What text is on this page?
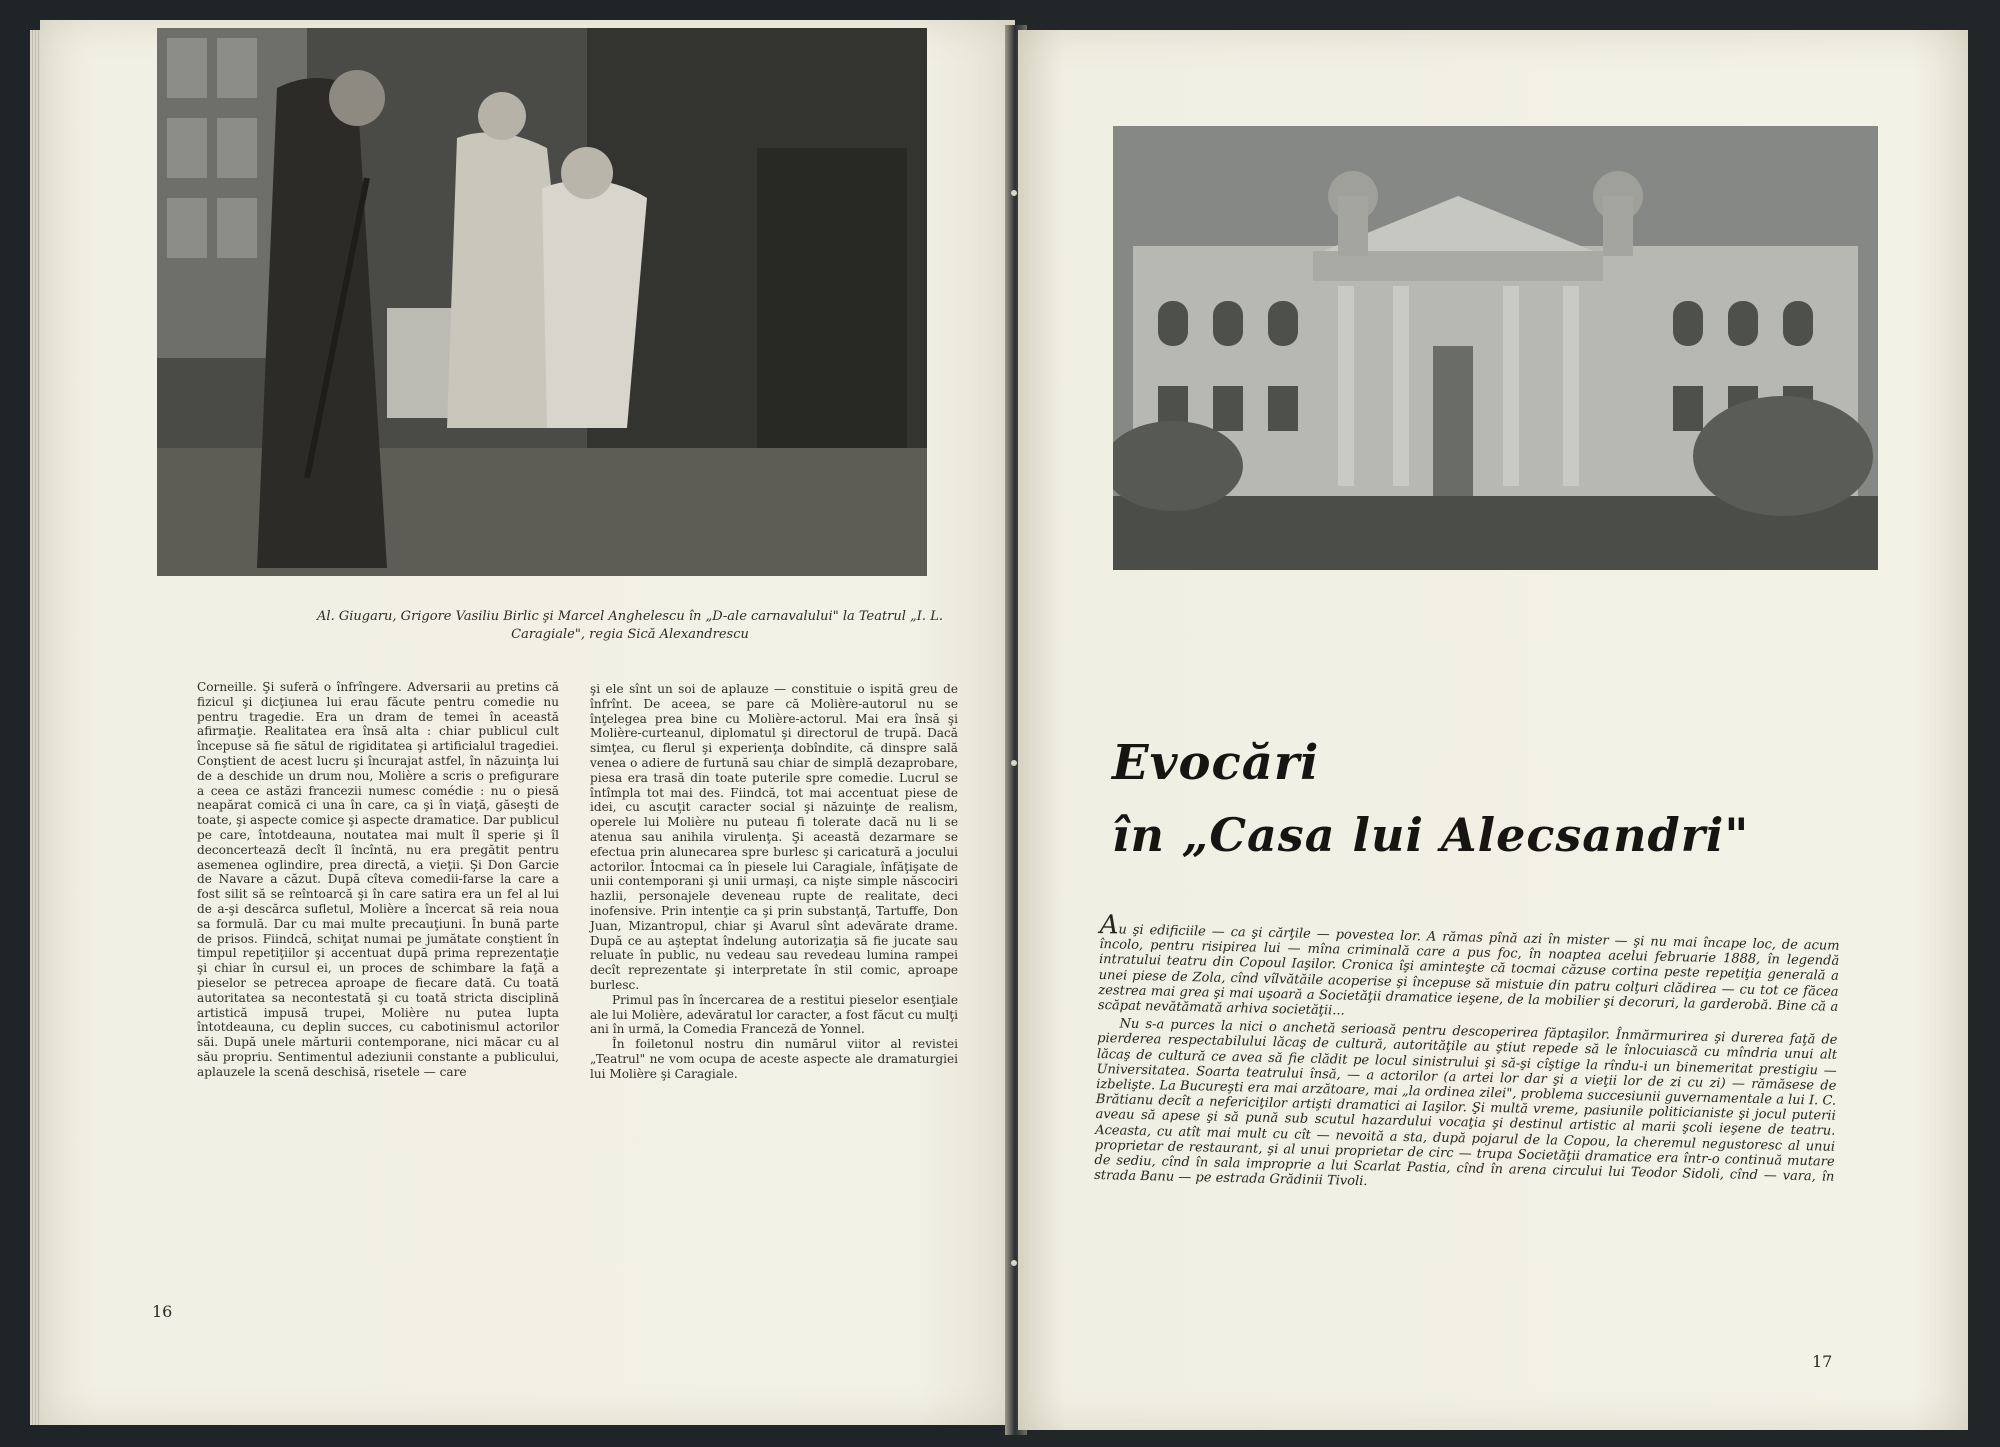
Al. Giugaru, Grigore Vasiliu Birlic şi Marcel Anghelescu în „D-ale carnavalului" la Teatrul „I. L. Caragiale", regia Sică Alexandrescu
Corneille. Şi suferă o înfrîngere. Adversarii au pretins că fizicul şi dicţiunea lui erau făcute pentru comedie nu pentru tragedie. Era un dram de temei în această afirmaţie. Realitatea era însă alta : chiar publicul cult începuse să fie sătul de rigiditatea şi artificialul tragediei. Conştient de acest lucru şi încurajat astfel, în năzuinţa lui de a deschide un drum nou, Molière a scris o prefigurare a ceea ce astăzi francezii numesc comédie : nu o piesă neapărat comică ci una în care, ca şi în viaţă, găseşti de toate, şi aspecte comice şi aspecte dramatice. Dar publicul pe care, întotdeauna, noutatea mai mult îl sperie şi îl deconcertează decît îl încîntă, nu era pregătit pentru asemenea oglindire, prea directă, a vieţii. Şi Don Garcie de Navare a căzut. După cîteva comedii-farse la care a fost silit să se reîntoarcă şi în care satira era un fel al lui de a-şi descărca sufletul, Molière a încercat să reia noua sa formulă. Dar cu mai multe precauţiuni. În bună parte de prisos. Fiindcă, schiţat numai pe jumătate conştient în timpul repetiţiilor şi accentuat după prima reprezentaţie şi chiar în cursul ei, un proces de schimbare la faţă a pieselor se petrecea aproape de fiecare dată. Cu toată autoritatea sa necontestată şi cu toată stricta disciplină artistică impusă trupei, Molière nu putea lupta întotdeauna, cu deplin succes, cu cabotinismul actorilor săi. După unele mărturii contemporane, nici măcar cu al său propriu. Sentimentul adeziunii constante a publicului, aplauzele la scenă deschisă, risetele — care
şi ele sînt un soi de aplauze — constituie o ispită greu de înfrînt. De aceea, se pare că Molière-autorul nu se înţelegea prea bine cu Molière-actorul. Mai era însă şi Molière-curteanul, diplomatul şi directorul de trupă. Dacă simţea, cu flerul şi experienţa dobîndite, că dinspre sală venea o adiere de furtună sau chiar de simplă dezaprobare, piesa era trasă din toate puterile spre comedie. Lucrul se întîmpla tot mai des. Fiindcă, tot mai accentuat piese de idei, cu ascuţit caracter social şi năzuinţe de realism, operele lui Molière nu puteau fi tolerate dacă nu li se atenua sau anihila virulenţa. Şi această dezarmare se efectua prin alunecarea spre burlesc şi caricatură a jocului actorilor. Întocmai ca în piesele lui Caragiale, înfăţişate de unii contemporani şi unii urmaşi, ca nişte simple născociri hazlii, personajele deveneau rupte de realitate, deci inofensive. Prin intenţie ca şi prin substanţă, Tartuffe, Don Juan, Mizantropul, chiar şi Avarul sînt adevărate drame. După ce au aşteptat îndelung autorizaţia să fie jucate sau reluate în public, nu vedeau sau revedeau lumina rampei decît reprezentate şi interpretate în stil comic, aproape burlesc.
Primul pas în încercarea de a restitui pieselor esenţiale ale lui Molière, adevăratul lor caracter, a fost făcut cu mulţi ani în urmă, la Comedia Franceză de Yonnel.
În foiletonul nostru din numărul viitor al revistei „Teatrul" ne vom ocupa de aceste aspecte ale dramaturgiei lui Molière şi Caragiale.
16
Evocări
în „Casa lui Alecsandri"

Au şi edificiile — ca şi cărţile — povestea lor. A rămas pînă azi în mister — şi nu mai încape loc, de acum încolo, pentru risipirea lui — mîna criminală care a pus foc, în noaptea acelui februarie 1888, în legendă intratului teatru din Copoul Iaşilor. Cronica îşi aminteşte că tocmai căzuse cortina peste repetiţia generală a unei piese de Zola, cînd vîlvătăile acoperise şi începuse să mistuie din patru colţuri clădirea — cu tot ce făcea zestrea mai grea şi mai uşoară a Societăţii dramatice ieşene, de la mobilier şi decoruri, la garderobă. Bine că a scăpat nevătămată arhiva societăţii...

Nu s-a purces la nici o anchetă serioasă pentru descoperirea făptaşilor. Înmărmurirea şi durerea faţă de pierderea respectabilului lăcaş de cultură, autorităţile au ştiut repede să le înlocuiască cu mîndria unui alt lăcaş de cultură ce avea să fie clădit pe locul sinistrului şi să-şi cîştige la rîndu-i un binemeritat prestigiu — Universitatea. Soarta teatrului însă, — a actorilor (a artei lor dar şi a vieţii lor de zi cu zi) — rămăsese de izbelişte. La Bucureşti era mai arzătoare, mai „la ordinea zilei", problema succesiunii guvernamentale a lui I. C. Brătianu decît a nefericiţilor artişti dramatici ai Iaşilor. Şi multă vreme, pasiunile politicianiste şi jocul puterii aveau să apese şi să pună sub scutul hazardului vocaţia şi destinul artistic al marii şcoli ieşene de teatru. Aceasta, cu atît mai mult cu cît — nevoită a sta, după pojarul de la Copou, la cheremul negustoresc al unui proprietar de restaurant, şi al unui proprietar de circ — trupa Societăţii dramatice era într-o continuă mutare de sediu, cînd în sala improprie a lui Scarlat Pastia, cînd în arena circului lui Teodor Sidoli, cînd — vara, în strada Banu — pe estrada Grădinii Tivoli.

17
